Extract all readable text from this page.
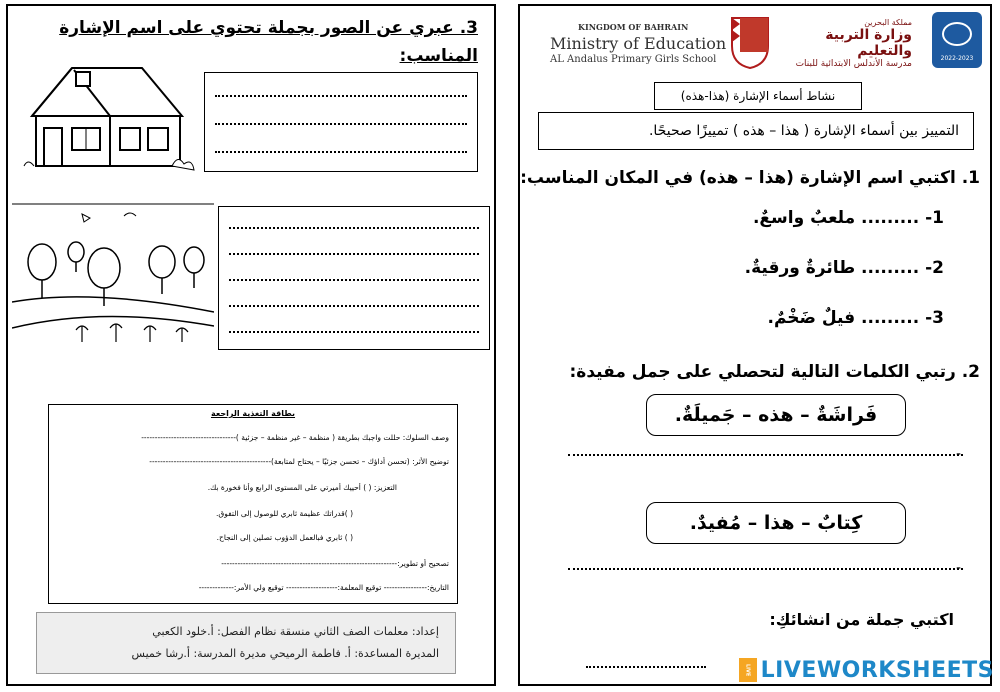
3. عبري عن الصور بجملة تحتوي على اسم الإشارة
المناسب:
بطاقة التغذية الراجعة
وصف السلوك: حللت واجبك بطريقة ( منظمة – غير منظمة – جزئية )-----------------------------------
توضيح الأثر: (تحسن أداؤك – تحسن جزئيًا – يحتاج لمتابعة)---------------------------------------------
التعزيز: ( ) أحييك أميرتي على المستوى الرابع وأنا فخورة بك.
( )قدراتك عظيمة ثابري للوصول إلى التفوق.
( ) ثابري فبالعمل الدؤوب تصلين إلى النجاح.
تصحيح أو تطوير:-----------------------------------------------------------------
التاريخ:---------------- توقيع المعلمة:------------------- توقيع ولي الأمر:-------------
إعداد: معلمات الصف الثاني منسقة نظام الفصل: أ.خلود الكعبي
المديرة المساعدة: أ. فاطمة الرميحي مديرة المدرسة: أ.رشا خميس
KINGDOM OF BAHRAIN
Ministry of Education
AL Andalus Primary Girls School
مملكة البحرين
وزارة التربية والتعليم
مدرسة الأندلس الابتدائية للبنات
2022-2023
نشاط أسماء الإشارة (هذا-هذه)
التمييز بين أسماء الإشارة ( هذا – هذه ) تمييزًا صحيحًا.
1. اكتبي اسم الإشارة (هذا – هذه) في المكان المناسب:
1- ......... ملعبٌ واسعٌ.
2- ......... طائرةٌ ورقيةٌ.
3- ......... فيلٌ ضَخْمٌ.
2. رتبي الكلمات التالية لتحصلي على جمل مفيدة:
فَراشَةٌ – هذه – جَميلَةٌ.
-
كِتابٌ – هذا – مُفيدٌ.
-
اكتبي جملة من انشائكِ:
LIVE LIVEWORKSHEETS
